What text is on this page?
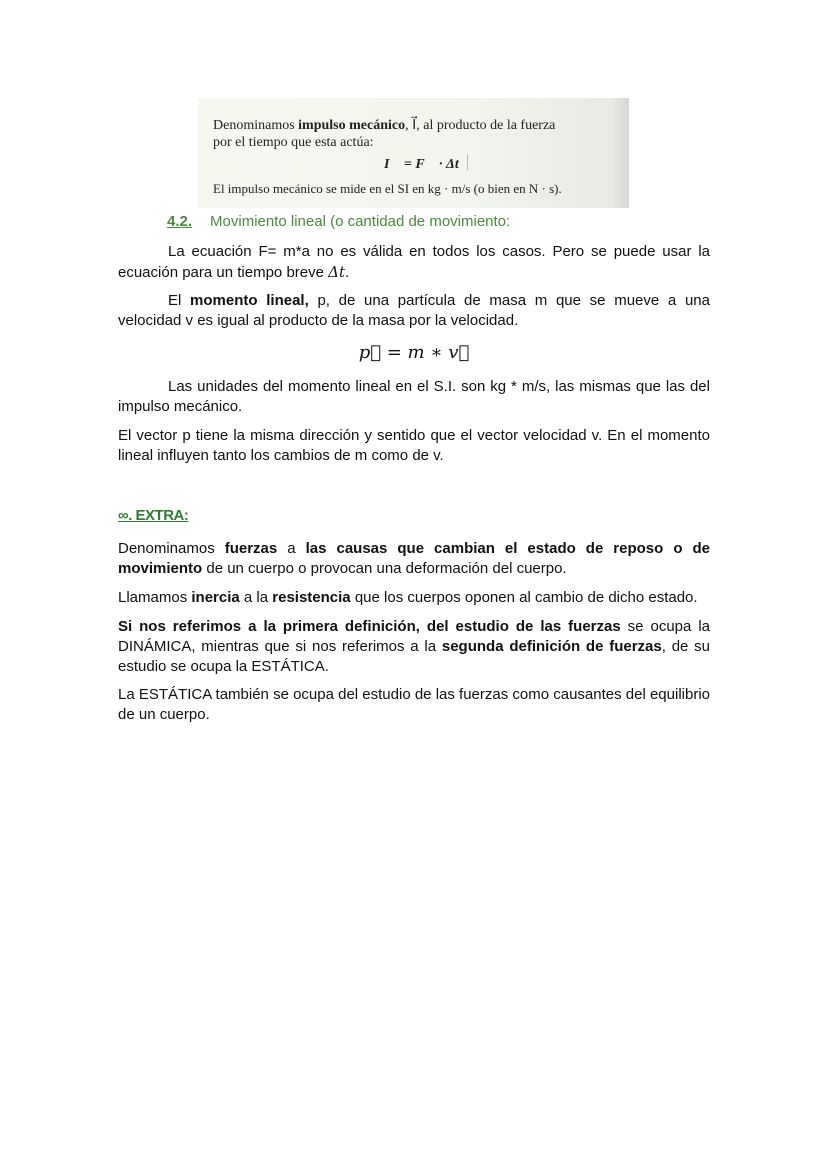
Denominamos impulso mecánico, I⃗, al producto de la fuerza
por el tiempo que esta actúa:
I⃗ = F⃗ · Δt
El impulso mecánico se mide en el SI en kg · m/s (o bien en N · s).
4.2. Movimiento lineal (o cantidad de movimiento:
La ecuación F= m*a no es válida en todos los casos. Pero se puede usar la ecuación para un tiempo breve Δt.
El momento lineal, p, de una partícula de masa m que se mueve a una velocidad v es igual al producto de la masa por la velocidad.
p⃗ = m ∗ v⃗
Las unidades del momento lineal en el S.I. son kg * m/s, las mismas que las del impulso mecánico.
El vector p tiene la misma dirección y sentido que el vector velocidad v. En el momento lineal influyen tanto los cambios de m como de v.
∞. EXTRA:
Denominamos fuerzas a las causas que cambian el estado de reposo o de movimiento de un cuerpo o provocan una deformación del cuerpo.
Llamamos inercia a la resistencia que los cuerpos oponen al cambio de dicho estado.
Si nos referimos a la primera definición, del estudio de las fuerzas se ocupa la DINÁMICA, mientras que si nos referimos a la segunda definición de fuerzas, de su estudio se ocupa la ESTÁTICA.
La ESTÁTICA también se ocupa del estudio de las fuerzas como causantes del equilibrio de un cuerpo.
